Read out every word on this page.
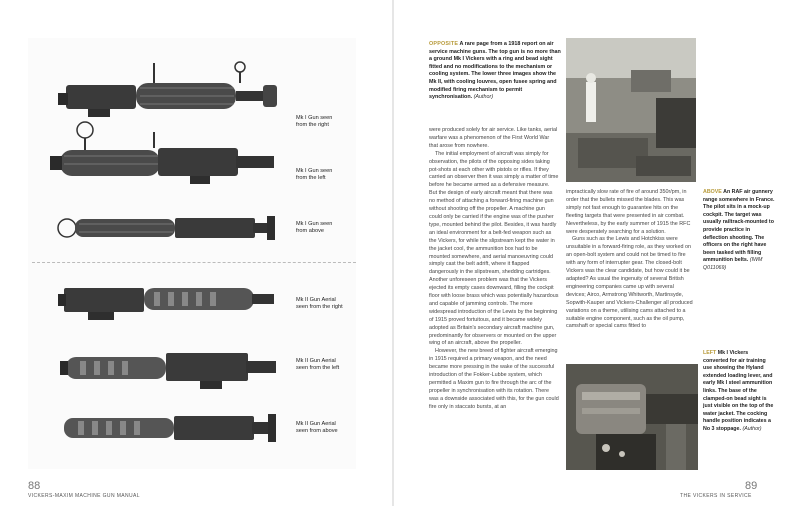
Mk I Gun seen
from the right
Mk I Gun seen
from the left
Mk I Gun seen
from above
Mk II Gun Aerial
seen from the right
Mk II Gun Aerial
seen from the left
Mk II Gun Aerial
seen from above
88
VICKERS-MAXIM MACHINE GUN MANUAL
OPPOSITE A rare page from a 1918 report on air service machine guns. The top gun is no more than a ground Mk I Vickers with a ring and bead sight fitted and no modifications to the mechanism or cooling system. The lower three images show the Mk II, with cooling louvres, open fusee spring and modified firing mechanism to permit synchronisation. (Author)

were produced solely for air service. Like tanks, aerial warfare was a phenomenon of the First World War that arose from nowhere.

The initial employment of aircraft was simply for observation, the pilots of the opposing sides taking pot-shots at each other with pistols or rifles. If they carried an observer then it was simply a matter of time before he became armed as a defensive measure. But the design of early aircraft meant that there was no method of attaching a forward-firing machine gun without shooting off the propeller. A machine gun could only be carried if the engine was of the pusher type, mounted behind the pilot. Besides, it was hardly an ideal environment for a belt-fed weapon such as the Vickers, for while the slipstream kept the water in the jacket cool, the ammunition box had to be mounted somewhere, and aerial manoeuvring could simply cast the belt adrift, where it flapped dangerously in the slipstream, shedding cartridges. Another unforeseen problem was that the Vickers ejected its empty cases downward, filling the cockpit floor with loose brass which was potentially hazardous and capable of jamming controls. The more widespread introduction of the Lewis by the beginning of 1915 proved fortuitous, and it became widely adopted as Britain's secondary aircraft machine gun, predominantly for observers or mounted on the upper wing of an aircraft, above the propeller.

However, the new breed of fighter aircraft emerging in 1915 required a primary weapon, and the need became more pressing in the wake of the successful introduction of the Fokker-Lubbe system, which permitted a Maxim gun to fire through the arc of the propeller in synchronisation with its rotation. There was a downside associated with this, for the gun could fire only in staccato bursts, at an

impractically slow rate of fire of around 350r/pm, in order that the bullets missed the blades. This was simply not fast enough to guarantee hits on the fleeting targets that were presented in air combat. Nevertheless, by the early summer of 1915 the RFC were desperately searching for a solution.

Guns such as the Lewis and Hotchkiss were unsuitable in a forward-firing role, as they worked on an open-bolt system and could not be timed to fire with any form of interrupter gear. The closed-bolt Vickers was the clear candidate, but how could it be adapted? As usual the ingenuity of several British engineering companies came up with several devices; Airco, Armstrong Whitworth, Martinsyde, Sopwith-Kauper and Vickers-Challenger all produced variations on a theme, utilising cams attached to a suitable engine component, such as the oil pump, camshaft or special cams fitted to

ABOVE An RAF air gunnery range somewhere in France. The pilot sits in a mock-up cockpit. The target was usually railtrack-mounted to provide practice in deflection shooting. The officers on the right have been tasked with filling ammunition belts. (IWM Q011069)
LEFT Mk I Vickers converted for air training use showing the Hyland extended loading lever, and early Mk I steel ammunition links. The base of the clamped-on bead sight is just visible on the top of the water jacket. The cocking handle position indicates a No 3 stoppage. (Author)
89
THE VICKERS IN SERVICE
